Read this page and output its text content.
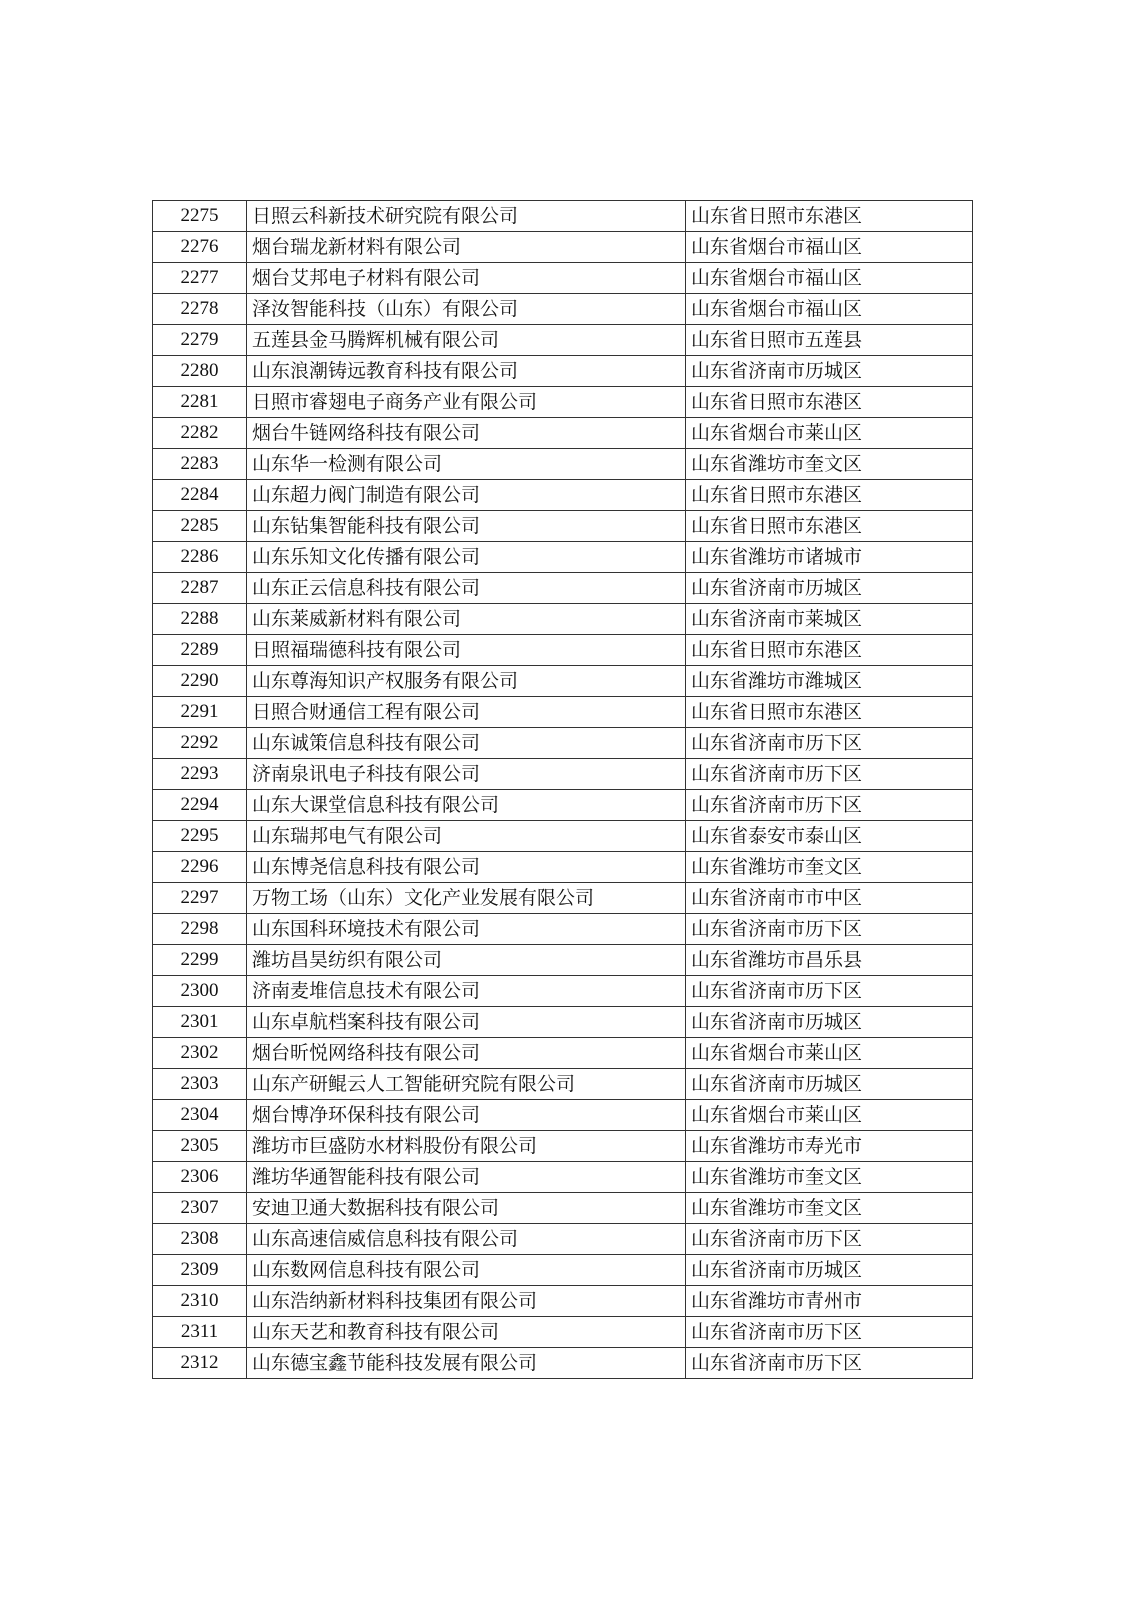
2275	日照云科新技术研究院有限公司	山东省日照市东港区
2276	烟台瑞龙新材料有限公司	山东省烟台市福山区
2277	烟台艾邦电子材料有限公司	山东省烟台市福山区
2278	泽汝智能科技（山东）有限公司	山东省烟台市福山区
2279	五莲县金马腾辉机械有限公司	山东省日照市五莲县
2280	山东浪潮铸远教育科技有限公司	山东省济南市历城区
2281	日照市睿翅电子商务产业有限公司	山东省日照市东港区
2282	烟台牛链网络科技有限公司	山东省烟台市莱山区
2283	山东华一检测有限公司	山东省潍坊市奎文区
2284	山东超力阀门制造有限公司	山东省日照市东港区
2285	山东钻集智能科技有限公司	山东省日照市东港区
2286	山东乐知文化传播有限公司	山东省潍坊市诸城市
2287	山东正云信息科技有限公司	山东省济南市历城区
2288	山东莱威新材料有限公司	山东省济南市莱城区
2289	日照福瑞德科技有限公司	山东省日照市东港区
2290	山东尊海知识产权服务有限公司	山东省潍坊市潍城区
2291	日照合财通信工程有限公司	山东省日照市东港区
2292	山东诚策信息科技有限公司	山东省济南市历下区
2293	济南泉讯电子科技有限公司	山东省济南市历下区
2294	山东大课堂信息科技有限公司	山东省济南市历下区
2295	山东瑞邦电气有限公司	山东省泰安市泰山区
2296	山东博尧信息科技有限公司	山东省潍坊市奎文区
2297	万物工场（山东）文化产业发展有限公司	山东省济南市市中区
2298	山东国科环境技术有限公司	山东省济南市历下区
2299	潍坊昌昊纺织有限公司	山东省潍坊市昌乐县
2300	济南麦堆信息技术有限公司	山东省济南市历下区
2301	山东卓航档案科技有限公司	山东省济南市历城区
2302	烟台昕悦网络科技有限公司	山东省烟台市莱山区
2303	山东产研鲲云人工智能研究院有限公司	山东省济南市历城区
2304	烟台博净环保科技有限公司	山东省烟台市莱山区
2305	潍坊市巨盛防水材料股份有限公司	山东省潍坊市寿光市
2306	潍坊华通智能科技有限公司	山东省潍坊市奎文区
2307	安迪卫通大数据科技有限公司	山东省潍坊市奎文区
2308	山东高速信威信息科技有限公司	山东省济南市历下区
2309	山东数网信息科技有限公司	山东省济南市历城区
2310	山东浩纳新材料科技集团有限公司	山东省潍坊市青州市
2311	山东天艺和教育科技有限公司	山东省济南市历下区
2312	山东德宝鑫节能科技发展有限公司	山东省济南市历下区
